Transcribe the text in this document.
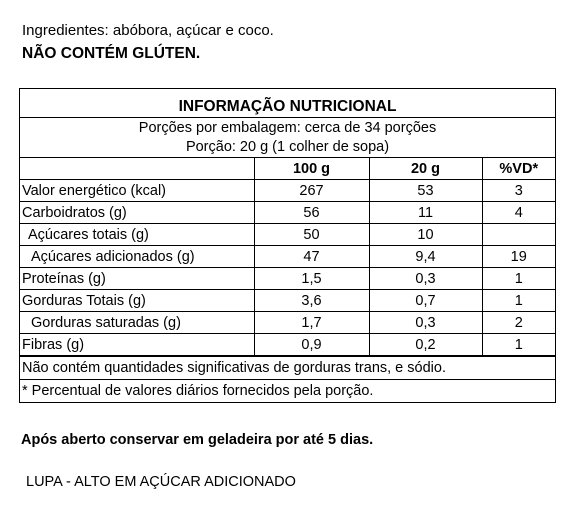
Ingredientes: abóbora, açúcar e coco.
NÃO CONTÉM GLÚTEN.
INFORMAÇÃO NUTRICIONAL
Porções por embalagem: cerca de 34 porções
Porção: 20 g (1 colher de sopa)
	100 g	20 g	%VD*
Valor energético (kcal)	267	53	3
Carboidratos (g)	56	11	4
Açúcares totais (g)	50	10	
Açúcares adicionados (g)	47	9,4	19
Proteínas (g)	1,5	0,3	1
Gorduras Totais (g)	3,6	0,7	1
Gorduras saturadas (g)	1,7	0,3	2
Fibras (g)	0,9	0,2	1
Não contém quantidades significativas de gorduras trans, e sódio.
* Percentual de valores diários fornecidos pela porção.
Após aberto conservar em geladeira por até 5 dias.
LUPA - ALTO EM AÇÚCAR ADICIONADO
